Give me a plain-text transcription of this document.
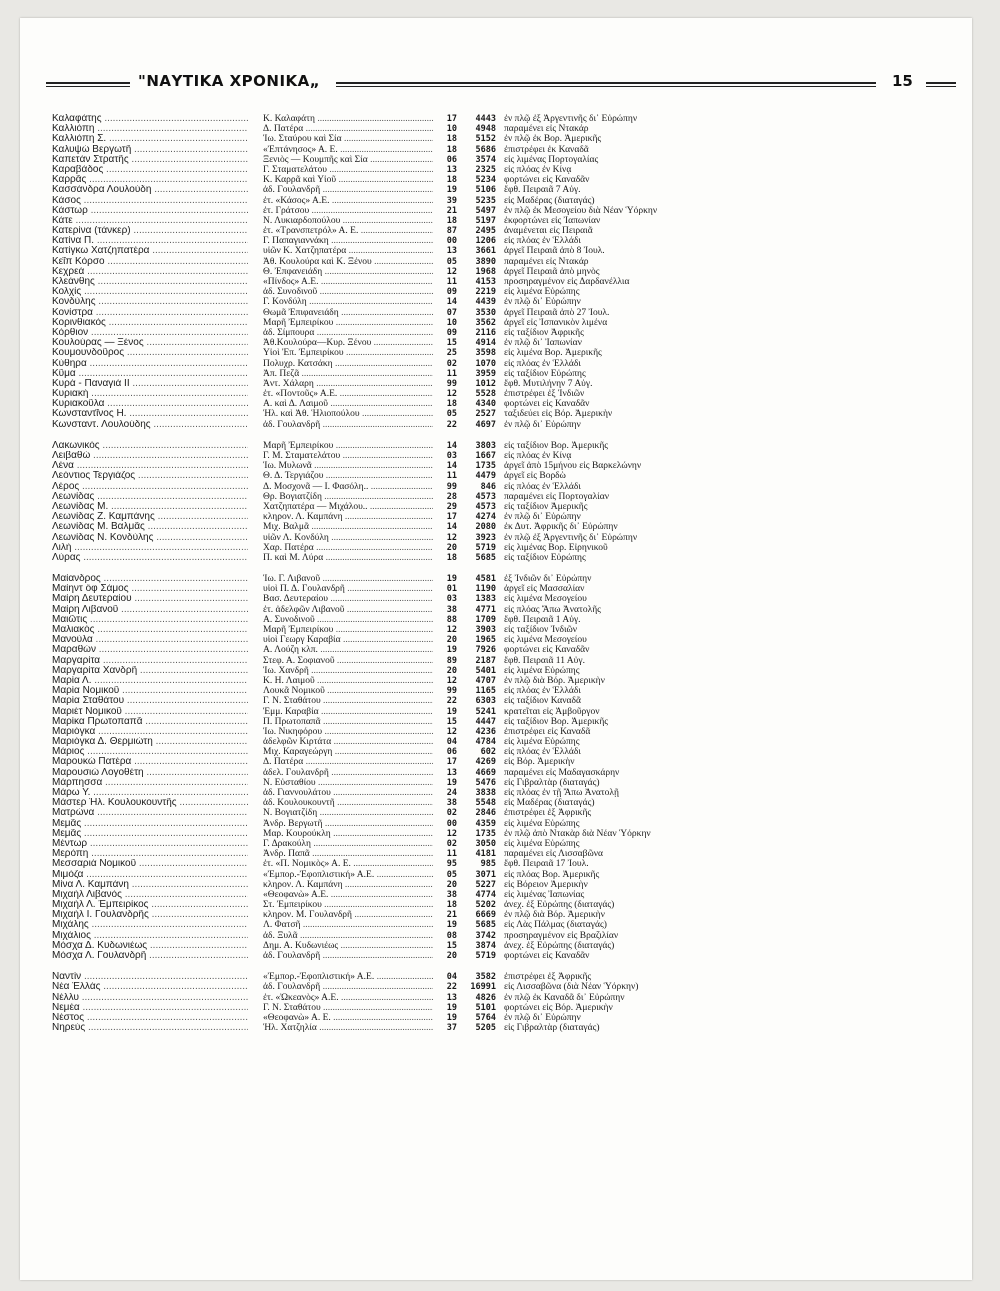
"ΝΑΥΤΙΚΑ ΧΡΟΝΙΚΑ„	15
Καλαφάτης .....	Κ. Καλαφάτη .....	17	4443 ἐν πλῷ ἐξ Ἀργεντινῆς δι᾽ Εὐρώπην
Καλλιόπη .....	Δ. Πατέρα .....	10	4948 παραμένει εἰς Ντακάρ
Καλλιόπη Σ. .....	Ἰω. Σταύρου καὶ Σία .....	18	5152 ἐν πλῷ ἐκ Βορ. Ἀμερικῆς
Καλυψὼ Βεργωτῆ .....	«Ἐπτάνησος» Α. Ε. .....	18	5686 ἐπιστρέφει ἐκ Καναδᾶ
Καπετὰν Στρατῆς .....	Ξενιὸς — Κουμπῆς καὶ Σία .....	06	3574 εἰς λιμένας Πορτογαλίας
Καραβάδος .....	Γ. Σταματελάτου .....	13	2325 εἰς πλόας ἐν Κίνᾳ
Καρρᾶς .....	Κ. Καρρᾶ καὶ Υἱοῦ .....	18	5234 φορτώνει εἰς Καναδᾶν
Κασσάνδρα Λουλούδη .....	ἀδ. Γουλανδρῆ .....	19	5106 ἔφθ. Πειραιᾶ 7 Αὐγ.
Κάσος .....	ἐτ. «Κάσος» Α.Ε. .....	39	5235 εἰς Μαδέρας (διαταγάς)
Κάστωρ .....	ἐτ. Γράτσου .....	21	5497 ἐν πλῷ ἐκ Μεσογείου διὰ Νέαν Ὑόρκην
Κάτε .....	Ν. Λυκιαρδοπούλου .....	18	5197 ἐκφορτώνει εἰς Ἰαπωνίαν
Κατερίνα (τάνκερ) .....	ἐτ. «Τρανσπετρόλ» Α. Ε. .....	87	2495 ἀναμένεται εἰς Πειραιᾶ
Κατίνα Π. .....	Γ. Παπαγιαννάκη .....	00	1206 εἰς πλόας ἐν Ἑλλάδι
Κατίγκω Χατζηπατέρα .....	υἱῶν Κ. Χατζηπατέρα .....	13	3661 ἀργεῖ Πειραιᾶ ἀπὸ 8 Ἰουλ.
Κεῖπ Κόρσο .....	Ἀθ. Κουλούρα καὶ Κ. Ξένου .....	05	3890 παραμένει εἰς Ντακάρ
Κεχρεὰ .....	Θ. Ἐπφανειάδη .....	12	1968 ἀργεῖ Πειραιᾶ ἀπὸ μηνὸς
Κλεάνθης .....	«Πίνδος» Α.Ε. .....	11	4153 προσηραγμένον εἰς Δαρδανέλλια
Κολχίς .....	ἀδ. Συνοδινοῦ .....	09	2219 εἰς λιμένα Εὐρώπης
Κονδύλης .....	Γ. Κονδύλη .....	14	4439 ἐν πλῷ δι᾽ Εὐρώπην
Κονίστρα .....	Θωμᾶ Ἐπιφανειάδη .....	07	3530 ἀργεῖ Πειραιᾶ ἀπὸ 27 Ἰουλ.
Κορινθιακός .....	Μαρῆ Ἐμπειρίκου .....	10	3562 ἀργεῖ εἰς Ἰσπανικὸν λιμένα
Κόρθιον .....	ἀδ. Σίμπουρα .....	09	2116 εἰς ταξίδιον Ἀφρικῆς
Κουλούρας — Ξένος .....	Ἀθ.Κουλούρα—Κυρ. Ξένου .....	15	4914 ἐν πλῷ δι᾽ Ἰαπωνίαν
Κουμουνδοῦρος .....	Υἱοὶ Ἐπ. Ἐμπειρίκου .....	25	3598 εἰς λιμένα Βορ. Ἀμερικῆς
Κύθηρα .....	Πολυχρ. Κατσάκη .....	02	1070 εἰς πλόας ἐν Ἑλλάδι
Κῦμα .....	Ἀπ. Πεζᾶ .....	11	3959 εἰς ταξίδιον Εὐρώπης
Κυρὰ - Παναγιὰ ΙΙ .....	Ἀντ. Χάλαρη .....	99	1012 ἔφθ. Μυτιλήνην 7 Αὐγ.
Κυριακὴ .....	ἐτ. «Ποντοῦς» Α.Ε. .....	12	5528 ἐπιστρέφει ἐξ Ἰνδιῶν
Κυριακοῦλα .....	Α. καὶ Δ. Λαιμοῦ .....	18	4340 φορτώνει εἰς Καναδᾶν
Κωνσταντῖνος Η. .....	Ἡλ. καὶ Ἀθ. Ἡλιοπούλου .....	05	2527 ταξιδεύει εἰς Βόρ. Ἀμερικὴν
Κωνσταντ. Λουλούδης .....	ἀδ. Γουλανδρῆ .....	22	4697 ἐν πλῷ δι᾽ Εὐρώπην
Λακωνικός .....	Μαρῆ Ἐμπειρίκου .....	14	3803 εἰς ταξίδιον Βορ. Ἀμερικῆς
Λειβαθὼ .....	Γ. Μ. Σταματελάτου .....	03	1667 εἰς πλόας ἐν Κίνᾳ
Λένα .....	Ἰω. Μυλωνᾶ .....	14	1735 ἀργεῖ ἀπὸ 15μήνου εἰς Βαρκελώνην
Λεόντιος Τεργιάζος .....	Θ. Δ. Τεργιάζου .....	11	4479 ἀργεῖ εἰς Βορδὼ
Λέρος .....	Δ. Μοσχονᾶ — Ι. Φασόλη.. .....	99	846 εἰς πλόας ἐν Ἑλλάδι
Λεωνίδας .....	Θρ. Βογιατζίδη .....	28	4573 παραμένει εἰς Πορτογαλίαν
Λεωνίδας Μ. .....	Χατζηπατέρα — Μιχάλου.. .....	29	4573 εἰς ταξίδιον Ἀμερικῆς
Λεωνίδας Ζ. Καμπάνης .....	κληρον. Λ. Καμπάνη .....	17	4274 ἐν πλῷ δι᾽ Εὐρώπην
Λεωνίδας Μ. Βαλμᾶς .....	Μιχ. Βαλμᾶ .....	14	2080 ἐκ Δυτ. Ἀφρικῆς δι᾽ Εὐρώπην
Λεωνίδας Ν. Κονδύλης .....	υἱῶν Λ. Κονδύλη .....	12	3923 ἐν πλῷ ἐξ Ἀργεντινῆς δι᾽ Εὐρώπην
Λιλή .....	Χαρ. Πατέρα .....	20	5719 εἰς λιμένας Βορ. Εἰρηνικοῦ
Λύρας .....	Π. καὶ Μ. Λύρα .....	18	5685 εἰς ταξίδιον Εὐρώπης
Μαίανδρος .....	Ἰω. Γ. Λιβανοῦ .....	19	4581 ἐξ Ἰνδιῶν δι᾽ Εὐρώπην
Μαίηντ ὄφ Σάμος .....	υἱοὶ Π. Δ. Γουλανδρῆ .....	01	1190 ἀργεῖ εἰς Μασσαλίαν
Μαίρη Δευτεραίου .....	Βασ. Δευτεραίου .....	03	1383 εἰς λιμένα Μεσογείου
Μαίρη Λιβανοῦ .....	ἐτ. ἀδελφῶν Λιβανοῦ .....	38	4771 εἰς πλόας Ἄπω Ἀνατολῆς
Μαιῶτις .....	Α. Συνοδινοῦ .....	88	1709 ἔφθ. Πειραιᾶ 1 Αὐγ.
Μαλιακὸς .....	Μαρῆ Ἐμπειρίκου .....	12	3903 εἰς ταξίδιον Ἰνδιῶν
Μανούλα .....	υἱοὶ Γεωργ Καραβία .....	20	1965 εἰς λιμένα Μεσογείου
Μαραθὼν .....	Α. Λούζη κλπ. .....	19	7926 φορτώνει εἰς Καναδᾶν
Μαργαρίτα .....	Στεφ. Α. Σοφιανοῦ .....	89	2187 ἔφθ. Πειραιᾶ 11 Αὐγ.
Μαργαρίτα Χανδρῆ .....	Ἰω. Χανδρῆ .....	20	5401 εἰς λιμένα Εὐρώπης
Μαρία Λ. .....	Κ. Η. Λαιμοῦ .....	12	4707 ἐν πλῷ διὰ Βόρ. Ἀμερικὴν
Μαρία Νομικοῦ .....	Λουκᾶ Νομικοῦ .....	99	1165 εἰς πλόας ἐν Ἑλλάδι
Μαρία Σταθάτου .....	Γ. Ν. Σταθάτου .....	22	6303 εἰς ταξίδιον Καναδᾶ
Μαριὲτ Νομικοῦ .....	Ἐμμ. Καραβία .....	19	5241 κρατεῖται εἰς Ἀμβοῦργον
Μαρίκα Πρωτοπαπᾶ .....	Π. Πρωτοπαπᾶ .....	15	4447 εἰς ταξίδιον Βορ. Ἀμερικῆς
Μαριόγκα .....	Ἰω. Νικηφόρου .....	12	4236 ἐπιστρέφει εἰς Καναδᾶ
Μαριόγκα Δ. Θερμιώτη .....	ἀδελφῶν Κιρτάτα .....	04	4784 εἰς λιμένα Εὐρώπης
Μάριος .....	Μιχ. Καραγεώργη .....	06	602 εἰς πλόας ἐν Ἑλλάδι
Μαρουκὼ Πατέρα .....	Δ. Πατέρα .....	17	4269 εἰς Βόρ. Ἀμερικὴν
Μαρουσιὼ Λογοθέτη .....	ἀδελ. Γουλανδρῆ .....	13	4669 παραμένει εἰς Μαδαγασκάρην
Μάρπησσα .....	Ν. Εὐσταθίου .....	19	5476 εἰς Γιβραλτὰρ (διαταγάς)
Μάρω Υ. .....	ἀδ. Γιαννουλάτου .....	24	3838 εἰς πλόας ἐν τῇ Ἄπω Ἀνατολῇ
Μάστερ Ἡλ. Κουλουκουντῆς .....	ἀδ. Κουλουκουντῆ .....	38	5548 εἰς Μαδέρας (διαταγάς)
Ματρώνα .....	Ν. Βογιατζίδη .....	02	2846 ἐπιστρέφει ἐξ Ἀφρικῆς
Μεμᾶς .....	Ἀνδρ. Βεργωτῆ .....	00	4359 εἰς λιμένα Εὐρώπης
Μεμᾶς .....	Μαρ. Κουρούκλη .....	12	1735 ἐν πλῷ ἀπὸ Ντακὰρ διὰ Νέαν Ὑόρκην
Μέντωρ .....	Γ. Δρακούλη .....	02	3050 εἰς λιμένα Εὐρώπης
Μερόπη .....	Ἀνδρ. Παπᾶ .....	11	4181 παραμένει εἰς Λισσαβῶνα
Μεσσαριὰ Νομικοῦ .....	ἐτ. «Π. Νομικὸς» Α. Ε. .....	95	985 ἔφθ. Πειραιᾶ 17 Ἰουλ.
Μιμόζα .....	«Ἐμπορ.-Ἐφοπλιστική» Α.Ε. .....	05	3071 εἰς πλόας Βορ. Ἀμερικῆς
Μίνα Λ. Καμπάνη .....	κληρον. Λ. Καμπάνη .....	20	5227 εἰς Βόρειον Ἀμερικὴν
Μιχαὴλ Λιβανός .....	«Θεοφανὼ» Α.Ε. .....	38	4774 εἰς λιμένας Ἰαπωνίας
Μιχαὴλ Λ. Ἐμπειρίκος .....	Στ. Ἐμπειρίκου .....	18	5202 ἀνεχ. ἐξ Εὐρώπης (διαταγάς)
Μιχαὴλ Ι. Γουλανδρῆς .....	κληρον. Μ. Γουλανδρῆ .....	21	6669 ἐν πλῷ διὰ Βόρ. Ἀμερικὴν
Μιχάλης .....	Λ. Φατσῆ .....	19	5685 εἰς Λὰς Πάλμας (διαταγάς)
Μιχάλιος .....	ἀδ. Ξυλᾶ .....	08	3742 προσηραγμένον εἰς Βραζιλίαν
Μόσχα Δ. Κυδωνιέως .....	Δημ. Α. Κυδωνιέως .....	15	3874 ἀνεχ. ἐξ Εὐρώπης (διαταγάς)
Μόσχα Λ. Γουλανδρῆ .....	ἀδ. Γουλανδρῆ .....	20	5719 φορτώνει εἰς Καναδᾶν
Ναντὶν .....	«Ἐμπορ.-Ἐφοπλιστική» Α.Ε. .....	04	3582 ἐπιστρέφει ἐξ Ἀφρικῆς
Νέα Ἑλλὰς .....	ἀδ. Γουλανδρῆ .....	22	16991 εἰς Λισσαβῶνα (διὰ Νέαν Ὑόρκην)
Νέλλυ .....	ἐτ. «Ὠκεανὸς» Α.Ε. .....	13	4826 ἐν πλῷ ἐκ Καναδᾶ δι᾽ Εὐρώπην
Νεμέα .....	Γ. Ν. Σταθάτου .....	19	5101 φορτώνει εἰς Βόρ. Ἀμερικὴν
Νέστος .....	«Θεοφανὼ» Α. Ε. .....	19	5764 ἐν πλῷ δι᾽ Εὐρώπην
Νηρεὺς .....	Ἡλ. Χατζηλία .....	37	5205 εἰς Γιβραλτὰρ (διαταγάς)
